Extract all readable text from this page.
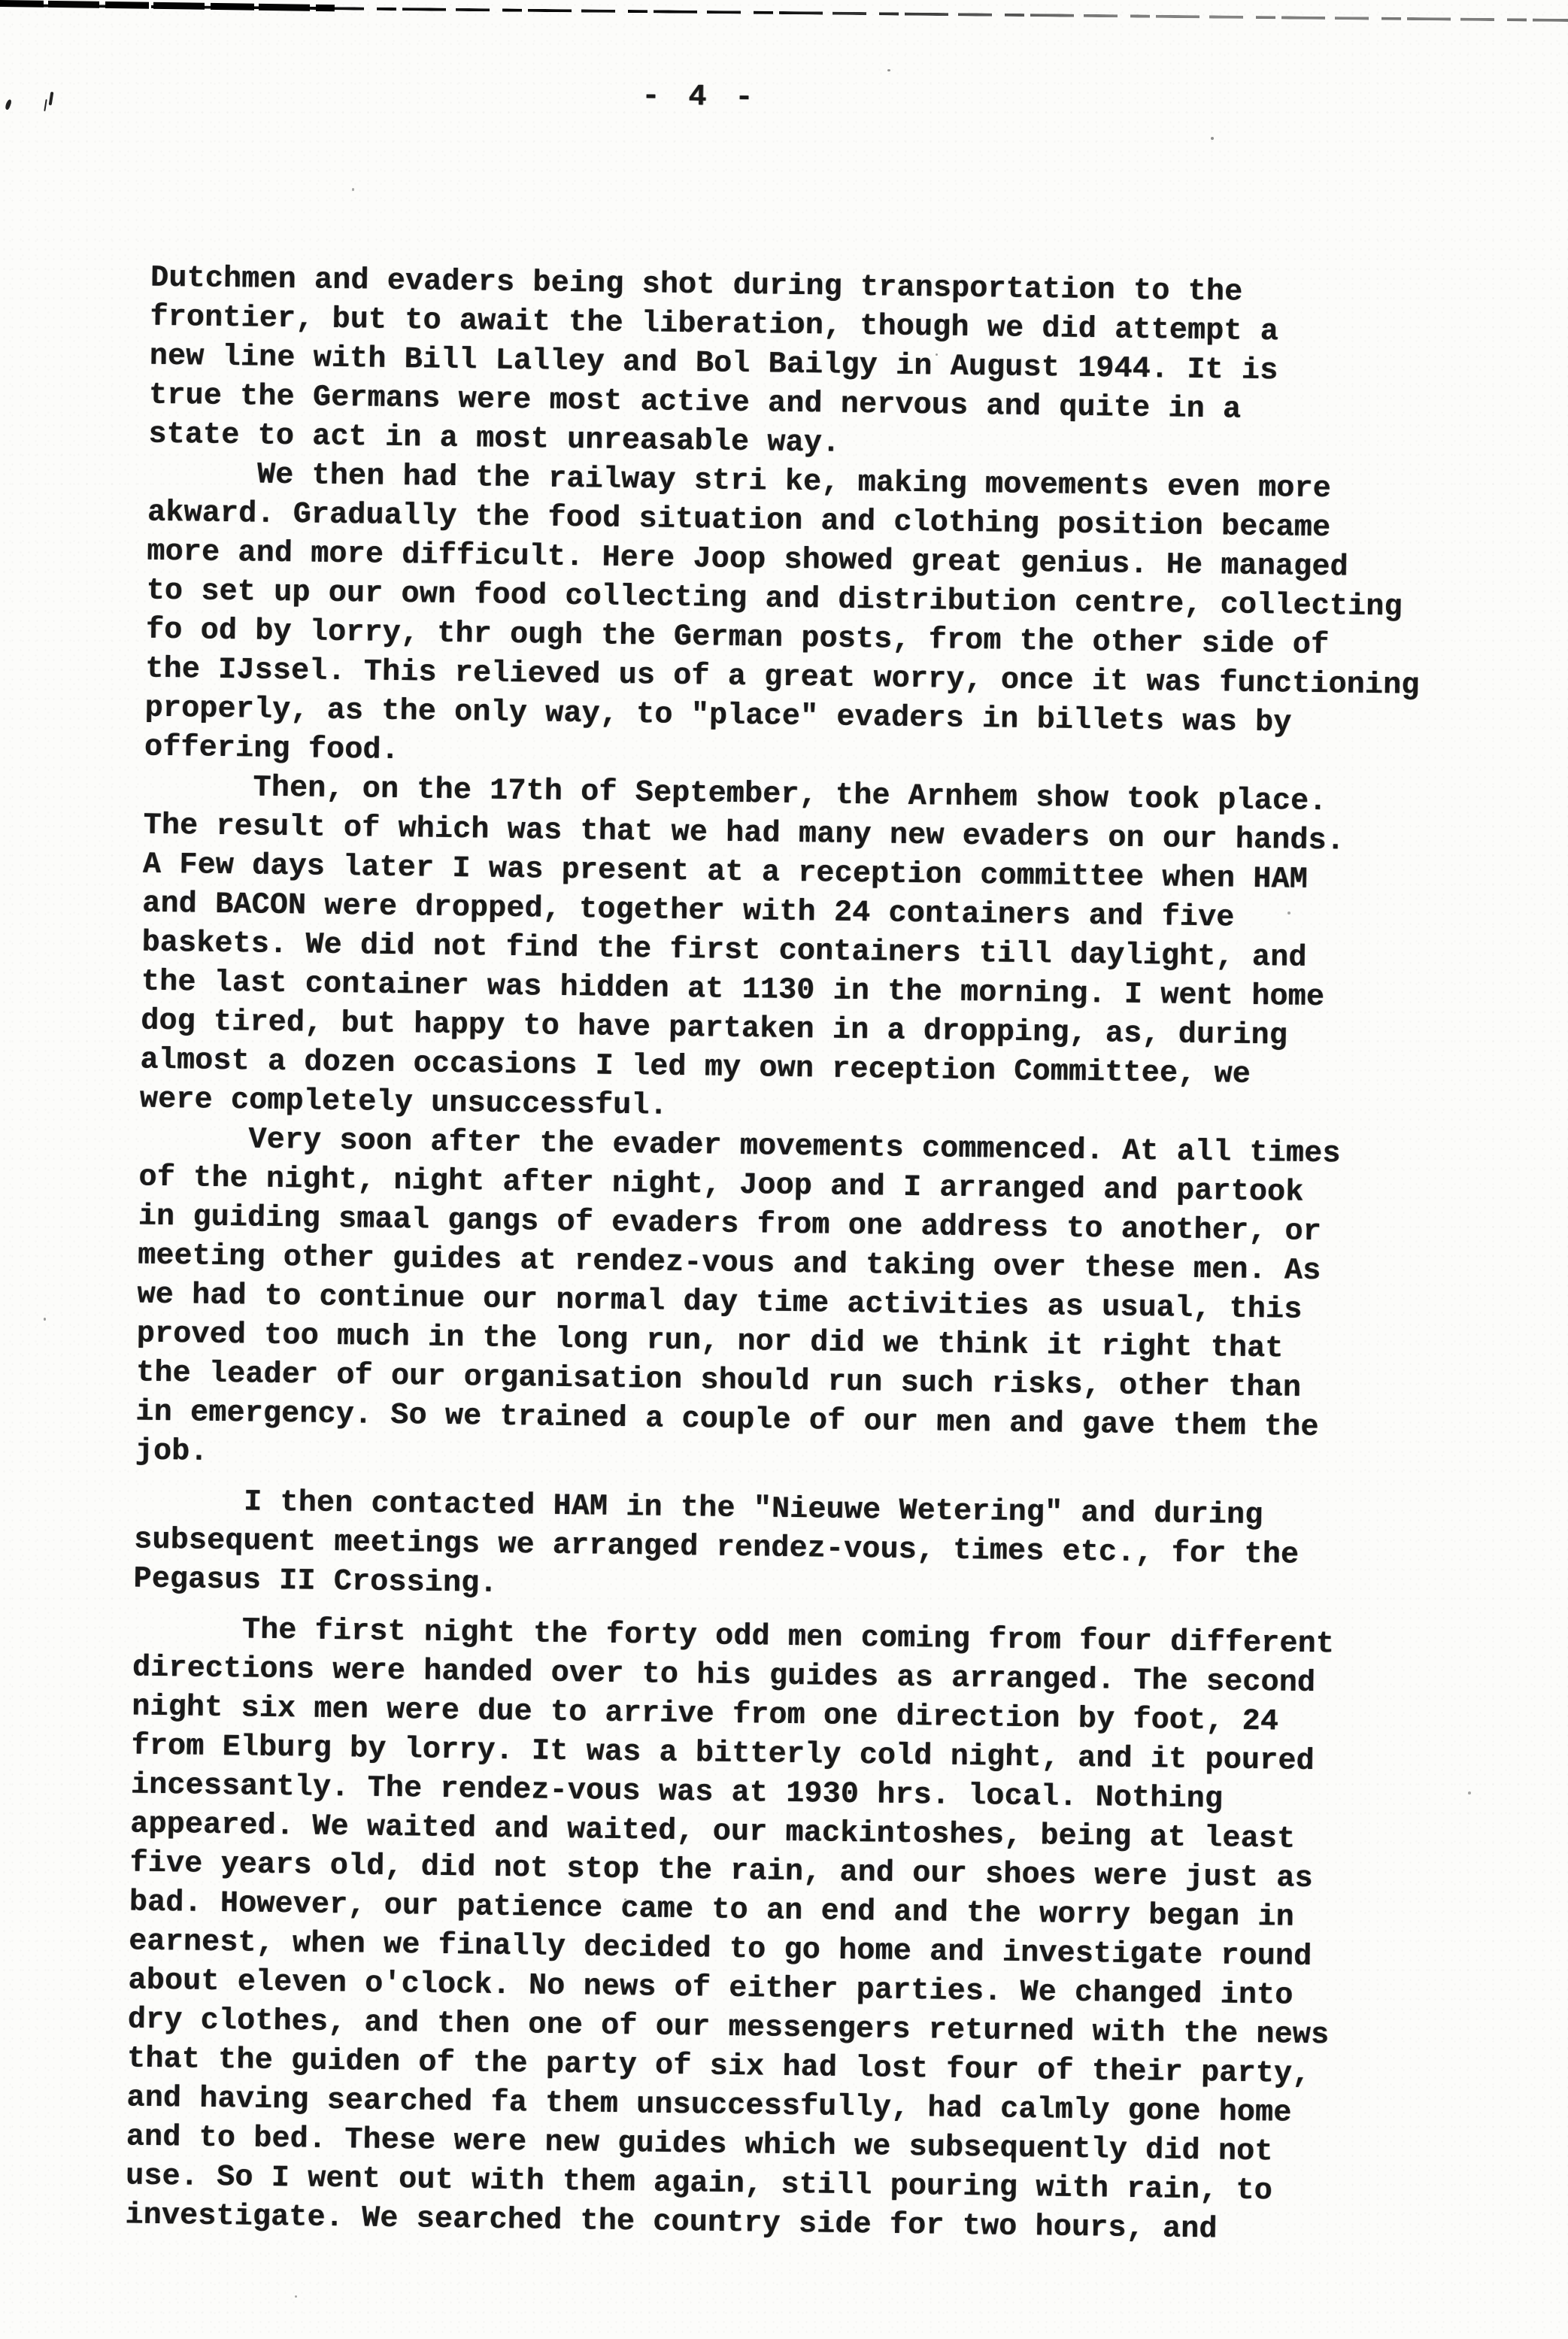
- 4 -
Dutchmen and evaders being shot during transportation to the
frontier, but to await the liberation, though we did attempt a
new line with Bill Lalley and Bol Bailgy in August 1944. It is
true the Germans were most active and nervous and quite in a
state to act in a most unreasable way.
We then had the railway stri ke, making movements even more
akward. Gradually the food situation and clothing position became
more and more difficult. Here Joop showed great genius. He managed
to set up our own food collecting and distribution centre, collecting
fo od by lorry, thr ough the German posts, from the other side of
the IJssel. This relieved us of a great worry, once it was functioning
properly, as the only way, to "place" evaders in billets was by
offering food.
Then, on the 17th of September, the Arnhem show took place.
The result of which was that we had many new evaders on our hands.
A Few days later I was present at a reception committee when HAM
and BACON were dropped, together with 24 containers and five
baskets. We did not find the first containers till daylight, and
the last container was hidden at 1130 in the morning. I went home
dog tired, but happy to have partaken in a dropping, as, during
almost a dozen occasions I led my own reception Committee, we
were completely unsuccessful.
Very soon after the evader movements commenced. At all times
of the night, night after night, Joop and I arranged and partook
in guiding smaal gangs of evaders from one address to another, or
meeting other guides at rendez-vous and taking over these men. As
we had to continue our normal day time activities as usual, this
proved too much in the long run, nor did we think it right that
the leader of our organisation should run such risks, other than
in emergency. So we trained a couple of our men and gave them the
job.
I then contacted HAM in the "Nieuwe Wetering" and during
subsequent meetings we arranged rendez-vous, times etc., for the
Pegasus II Crossing.
The first night the forty odd men coming from four different
directions were handed over to his guides as arranged. The second
night six men were due to arrive from one direction by foot, 24
from Elburg by lorry. It was a bitterly cold night, and it poured
incessantly. The rendez-vous was at 1930 hrs. local. Nothing
appeared. We waited and waited, our mackintoshes, being at least
five years old, did not stop the rain, and our shoes were just as
bad. However, our patience came to an end and the worry began in
earnest, when we finally decided to go home and investigate round
about eleven o'clock. No news of either parties. We changed into
dry clothes, and then one of our messengers returned with the news
that the guiden of the party of six had lost four of their party,
and having searched fa them unsuccessfully, had calmly gone home
and to bed. These were new guides which we subsequently did not
use. So I went out with them again, still pouring with rain, to
investigate. We searched the country side for two hours, and
